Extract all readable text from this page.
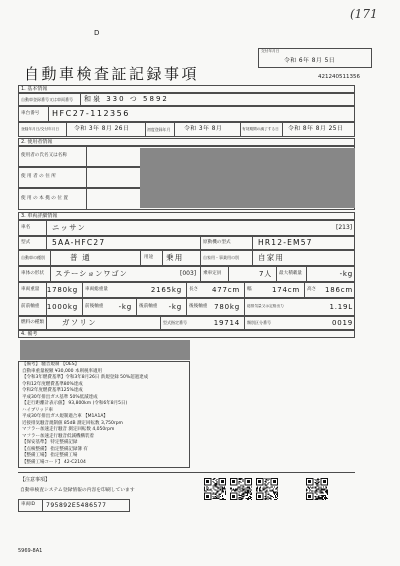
(171
D
自動車検査証記録事項
交付年月日
令和 6年 8月 5日
421240511356
1. 基本情報
自動車登録番号又は車両番号 和泉 330 つ 5892
車台番号 HFC27-112356
登録年月日/交付年月日	令和 3年 8月 26日	初度登録年月 令和 3年 8月	有効期間の満了する日 令和 8年 8月 25日
2. 使用者情報
使用者の氏名又は名称
使 用 者 の 住 所
使 用 の 本 拠 の 位 置
3. 車両詳細情報
車名	ニッサン	[213]
型式	5AA-HFC27	原動機の型式	HR12-EM57
自動車の種別	普 通	用途 乗用	自家用・事業用の別	自家用
車体の形状 ステーションワゴン	[003] 乗車定員	7人 最大積載量	-kg
車両重量 1780kg 車両総重量	2165kg 長さ 477cm 幅	174cm 高さ 186cm
前前軸重 1000kg 前後軸重 -kg 後前軸重 -kg 後後軸重 780kg 総排気量又は定格出力	1.19L
燃料の種類 ガソリン	型式指定番号	19714 類別区分番号	0019
4. 備考
【備考】 騒音規制 【OES】
自動車重量税額 ¥30,000 本則税率適用
【令和3年燃費基準】令和3年8月26日 新規登録 50%超過達成
令和12年度燃費基準80%達成
令和2年度燃費基準125%達成
平成30年排出ガス基準 50%低減達成
【走行距離計表示値】 93,800km (令和6年8月5日)
ハイブリッド車
平成30年排出ガス規制適合車 【M1A1A】
近接排気騒音規制値 85dB 測定回転数 3,750rpm
マフラー加速走行騒音 測定回転数 4,050rpm
マフラー加速走行騒音低減機構装着
【保安基準】 特定整備記録
【点検整備】 指定整備記録簿 有
【整備工場】 指定整備工場
【整備工場コード】 42-C2104
【注意事項】
自動車検査システム登録情報の内容を印刷しています
車両ID 795892E5486577
5969-8A1
